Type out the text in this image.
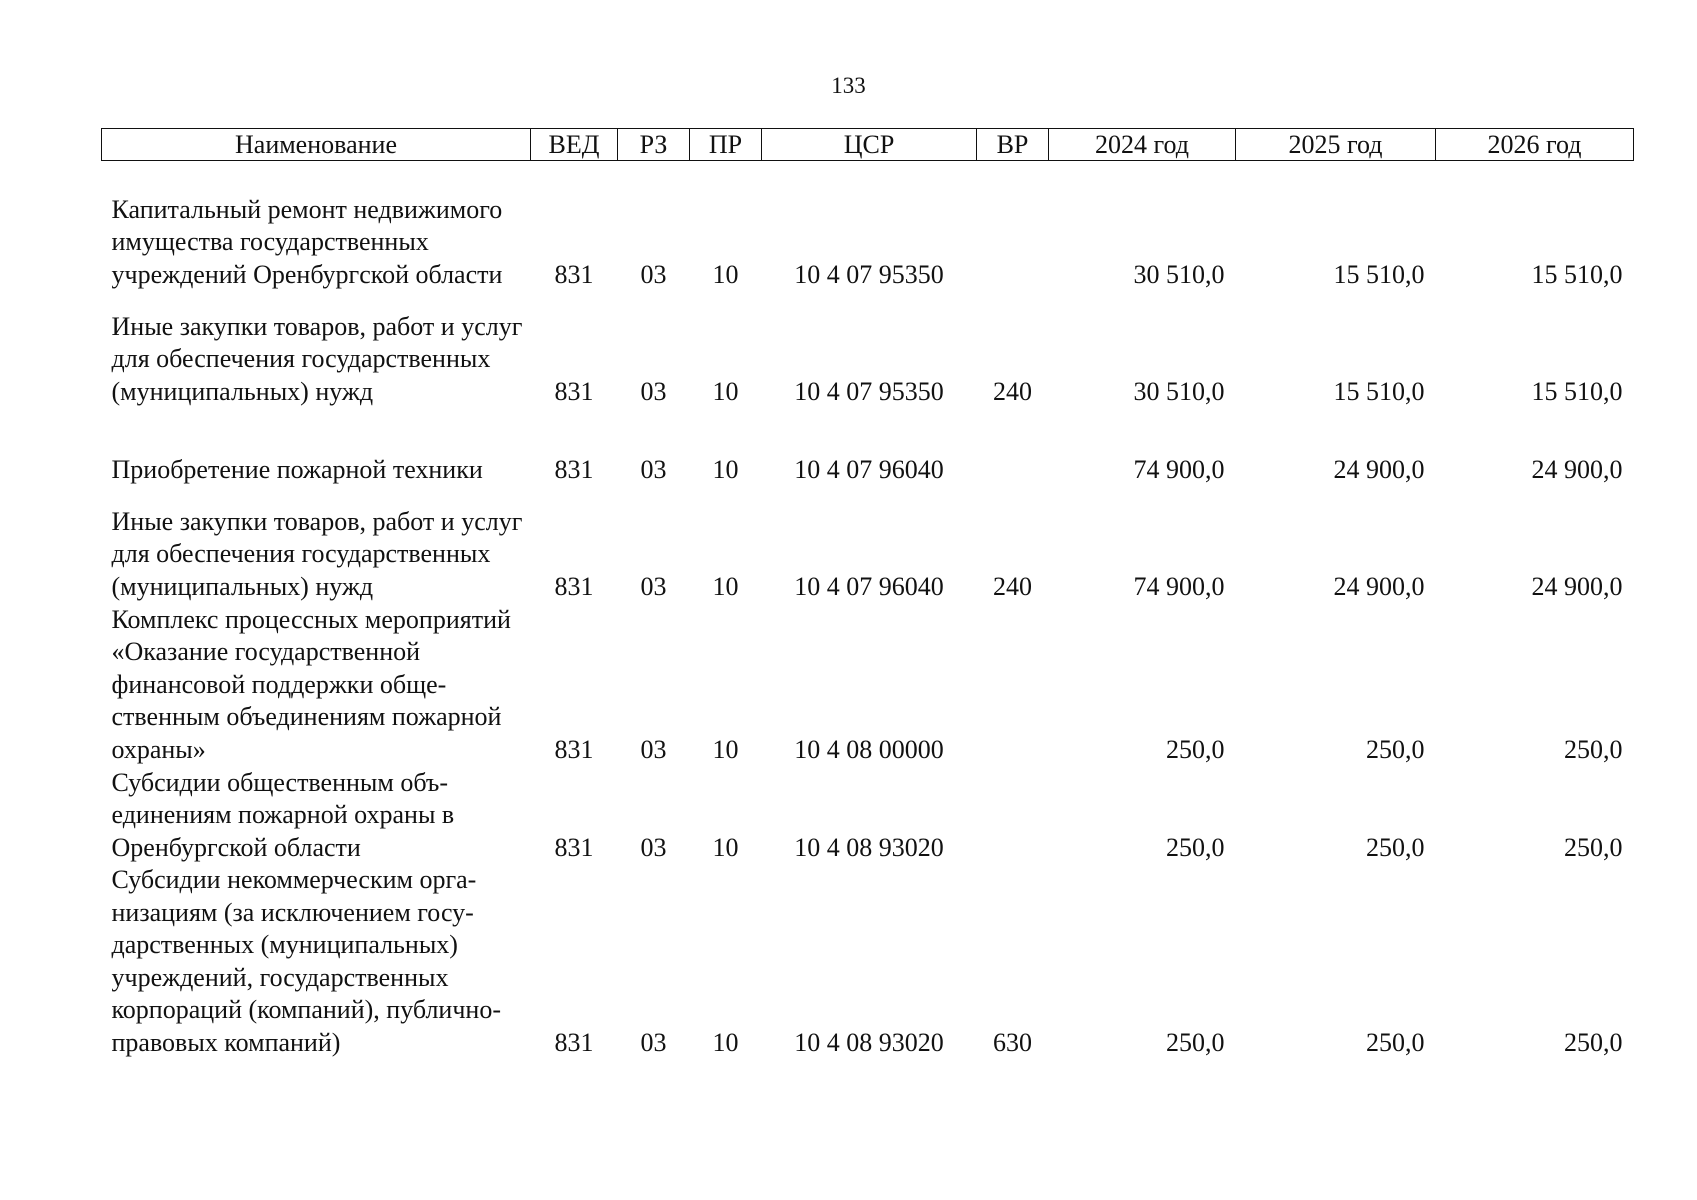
133
Наименование	ВЕД	РЗ	ПР	ЦСР	ВР	2024 год	2025 год	2026 год
Капитальный ремонт недвижимого имущества государственных учреждений Оренбургской области	831	03	10	10 4 07 95350		30 510,0	15 510,0	15 510,0
Иные закупки товаров, работ и услуг для обеспечения государственных (муниципальных) нужд	831	03	10	10 4 07 95350	240	30 510,0	15 510,0	15 510,0
Приобретение пожарной техники	831	03	10	10 4 07 96040		74 900,0	24 900,0	24 900,0
Иные закупки товаров, работ и услуг для обеспечения государственных (муниципальных) нужд	831	03	10	10 4 07 96040	240	74 900,0	24 900,0	24 900,0
Комплекс процессных мероприятий «Оказание государственной финансовой поддержки общественным объединениям пожарной охраны»	831	03	10	10 4 08 00000		250,0	250,0	250,0
Субсидии общественным объединениям пожарной охраны в Оренбургской области	831	03	10	10 4 08 93020		250,0	250,0	250,0
Субсидии некоммерческим организациям (за исключением государственных (муниципальных) учреждений, государственных корпораций (компаний), публично-правовых компаний)	831	03	10	10 4 08 93020	630	250,0	250,0	250,0
